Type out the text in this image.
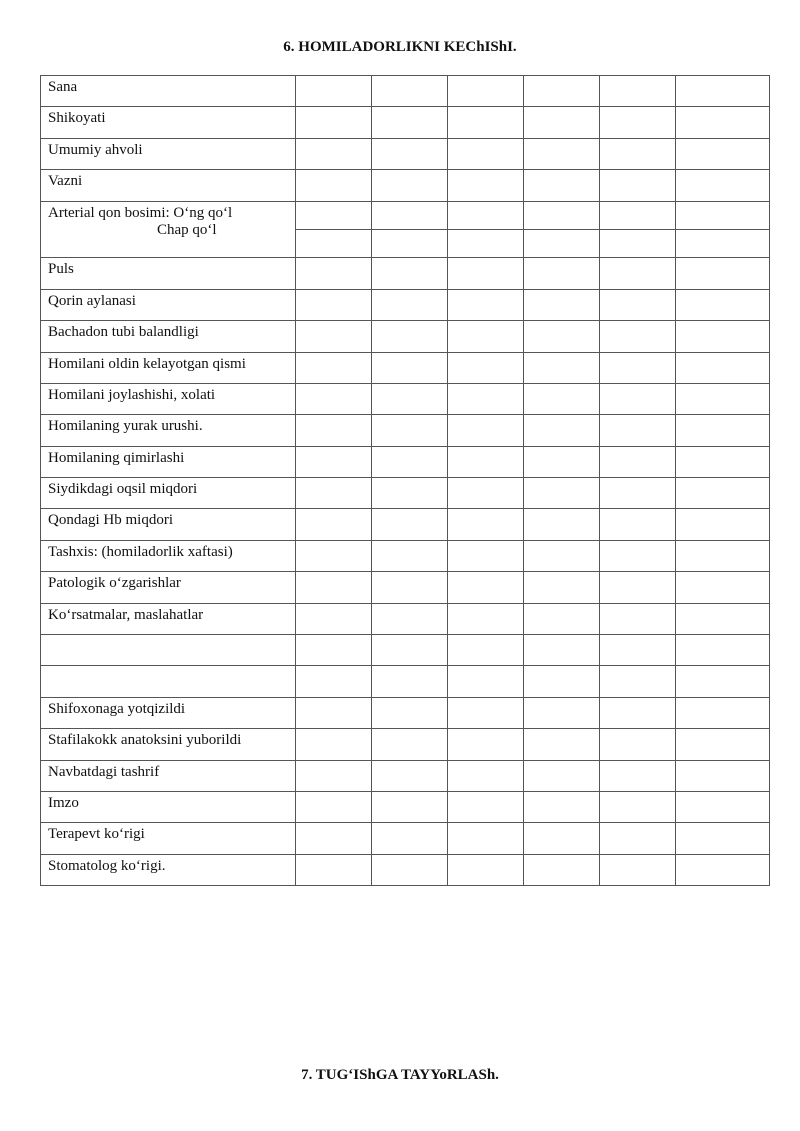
6. HOMILADORLIKNI KEChIShI.
Sana						
Shikoyati						
Umumiy ahvoli						
Vazni						
Arterial qon bosimi: O‘ng qo‘l
Chap qo‘l						

Puls						
Qorin aylanasi						
Bachadon tubi balandligi						
Homilani oldin kelayotgan qismi						
Homilani joylashishi, xolati						
Homilaning yurak urushi.						
Homilaning qimirlashi						
Siydikdagi oqsil miqdori						
Qondagi Hb miqdori						
Tashxis: (homiladorlik xaftasi)						
Patologik o‘zgarishlar						
Ko‘rsatmalar, maslahatlar						

Shifoxonaga yotqizildi						
Stafilakokk anatoksini yuborildi						
Navbatdagi tashrif						
Imzo						
Terapevt ko‘rigi						
Stomatolog ko‘rigi.						
7. TUG‘IShGA TAYYoRLASh.
